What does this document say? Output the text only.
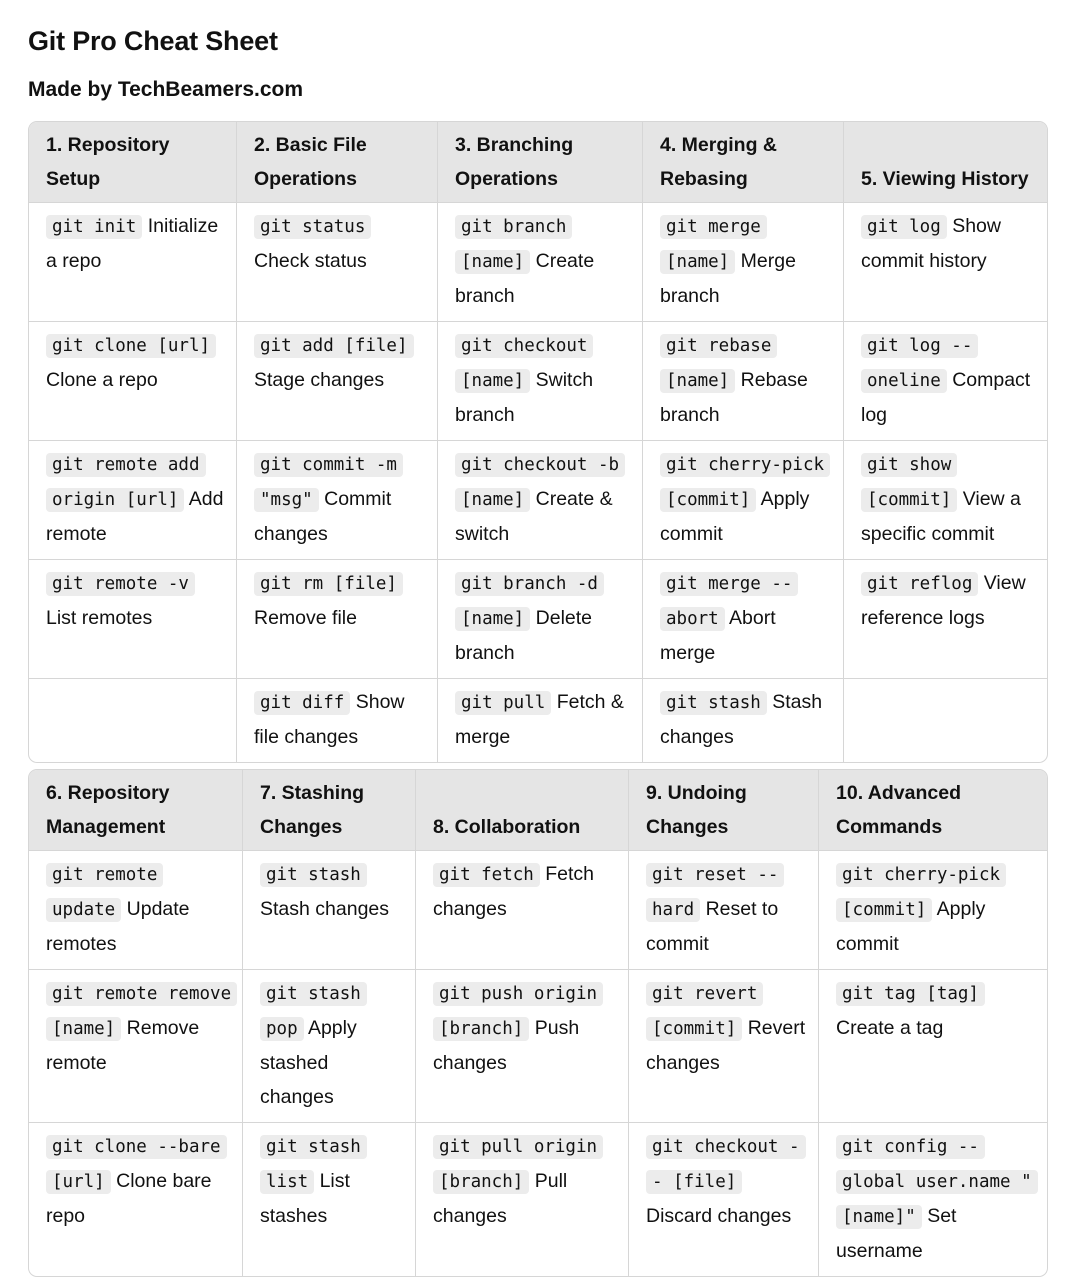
Git Pro Cheat Sheet
Made by TechBeamers.com
1. Repository Setup	2. Basic File Operations	3. Branching Operations	4. Merging & Rebasing	5. Viewing History
git init Initialize a repo	git status Check status	git branch [name] Create branch	git merge [name] Merge branch	git log Show commit history
git clone [url] Clone a repo	git add [file] Stage changes	git checkout [name] Switch branch	git rebase [name] Rebase branch	git log --oneline Compact log
git remote add origin [url] Add remote	git commit -m "msg" Commit changes	git checkout -b [name] Create & switch	git cherry-pick [commit] Apply commit	git show [commit] View a specific commit
git remote -v List remotes	git rm [file] Remove file	git branch -d [name] Delete branch	git merge --abort Abort merge	git reflog View reference logs
	git diff Show file changes	git pull Fetch & merge	git stash Stash changes	
6. Repository Management	7. Stashing Changes	8. Collaboration	9. Undoing Changes	10. Advanced Commands
git remote update Update remotes	git stash Stash changes	git fetch Fetch changes	git reset --hard Reset to commit	git cherry-pick [commit] Apply commit
git remote remove [name] Remove remote	git stash pop Apply stashed changes	git push origin [branch] Push changes	git revert [commit] Revert changes	git tag [tag] Create a tag
git clone --bare [url] Clone bare repo	git stash list List stashes	git pull origin [branch] Pull changes	git checkout -- [file] Discard changes	git config --global user.name "[name]" Set username
